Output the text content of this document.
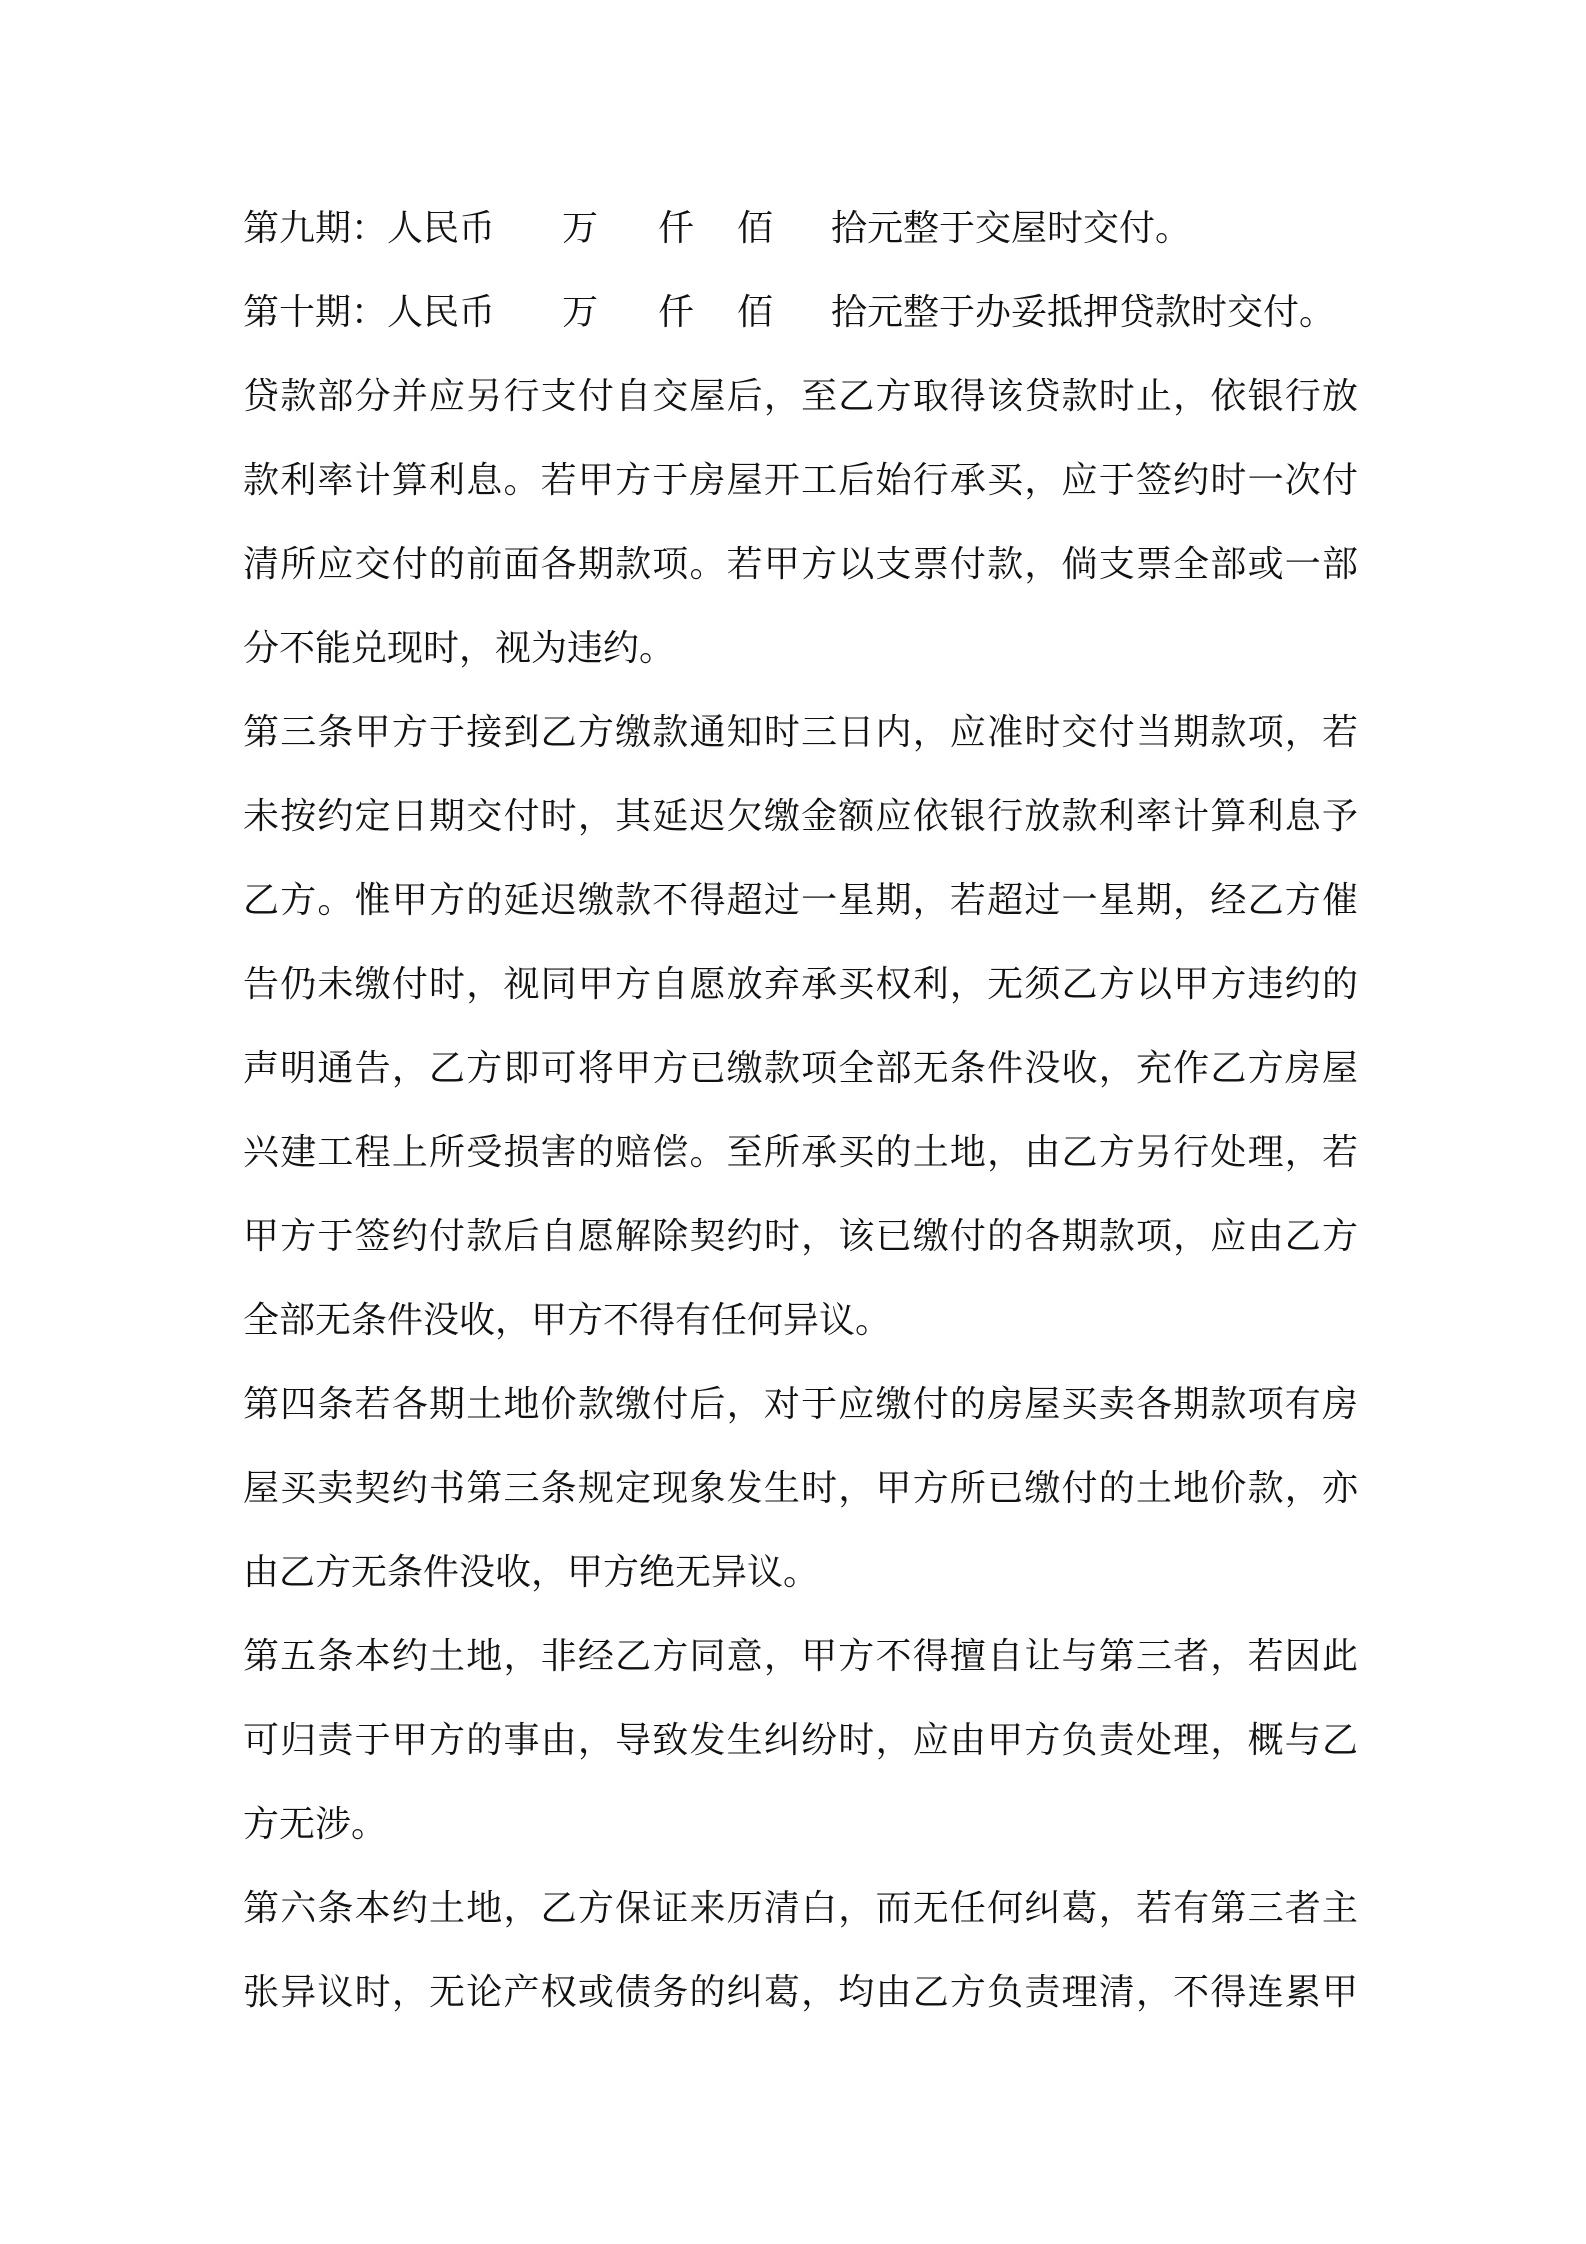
第九期：人民币 万 仟 佰 拾元整于交屋时交付。
第十期：人民币 万 仟 佰 拾元整于办妥抵押贷款时交付。
贷款部分并应另行支付自交屋后，至乙方取得该贷款时止，依银行放
款利率计算利息。若甲方于房屋开工后始行承买，应于签约时一次付
清所应交付的前面各期款项。若甲方以支票付款，倘支票全部或一部
分不能兑现时，视为违约。
第三条甲方于接到乙方缴款通知时三日内，应准时交付当期款项，若
未按约定日期交付时，其延迟欠缴金额应依银行放款利率计算利息予
乙方。惟甲方的延迟缴款不得超过一星期，若超过一星期，经乙方催
告仍未缴付时，视同甲方自愿放弃承买权利，无须乙方以甲方违约的
声明通告，乙方即可将甲方已缴款项全部无条件没收，充作乙方房屋
兴建工程上所受损害的赔偿。至所承买的土地，由乙方另行处理，若
甲方于签约付款后自愿解除契约时，该已缴付的各期款项，应由乙方
全部无条件没收，甲方不得有任何异议。
第四条若各期土地价款缴付后，对于应缴付的房屋买卖各期款项有房
屋买卖契约书第三条规定现象发生时，甲方所已缴付的土地价款，亦
由乙方无条件没收，甲方绝无异议。
第五条本约土地，非经乙方同意，甲方不得擅自让与第三者，若因此
可归责于甲方的事由，导致发生纠纷时，应由甲方负责处理，概与乙
方无涉。
第六条本约土地，乙方保证来历清白，而无任何纠葛，若有第三者主
张异议时，无论产权或债务的纠葛，均由乙方负责理清，不得连累甲
